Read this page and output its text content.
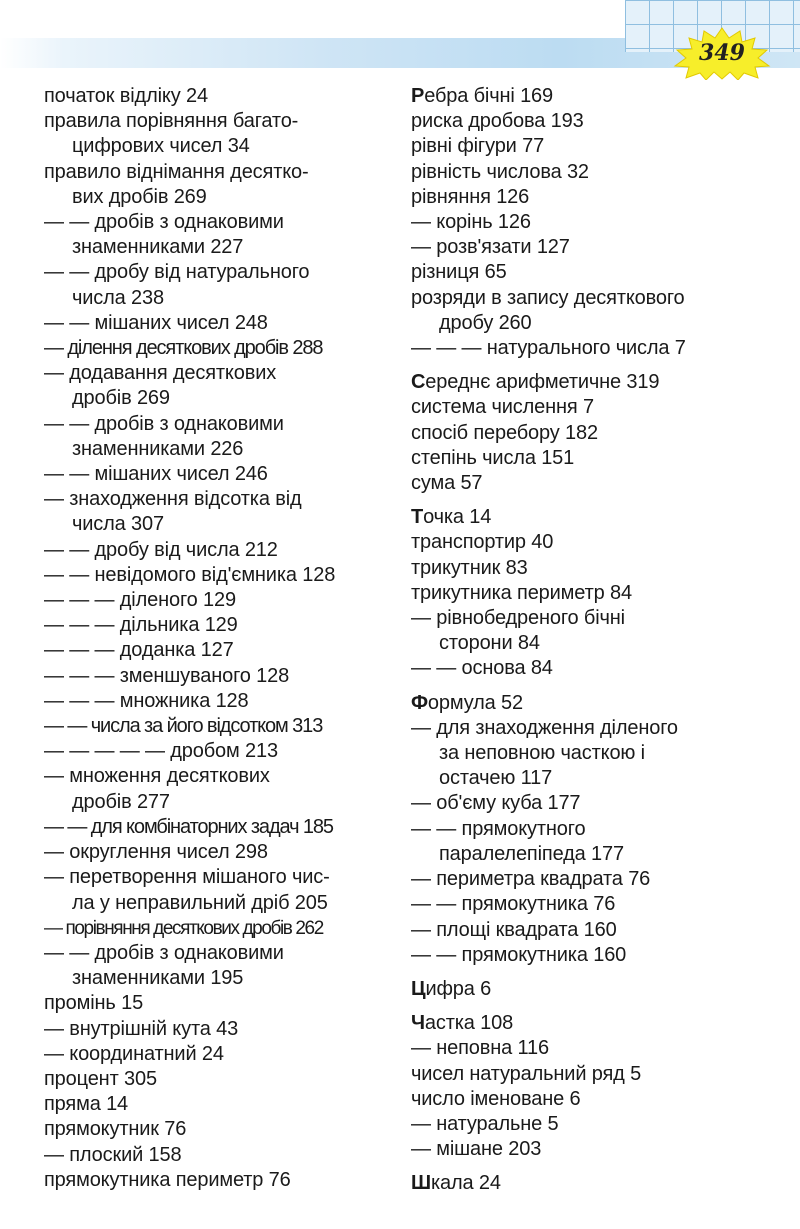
349
початок відліку 24
правила порівняння багато-
цифрових чисел 34
правило віднімання десятко-
вих дробів 269
— — дробів з однаковими
знаменниками 227
— — дробу від натурального
числа 238
— — мішаних чисел 248
— ділення десяткових дробів 288
— додавання десяткових
дробів 269
— — дробів з однаковими
знаменниками 226
— — мішаних чисел 246
— знаходження відсотка від
числа 307
— — дробу від числа 212
— — невідомого від'ємника 128
— — — діленого 129
— — — дільника 129
— — — доданка 127
— — — зменшуваного 128
— — — множника 128
— — числа за його відсотком 313
— — — — — дробом 213
— множення десяткових
дробів 277
— — для комбінаторних задач 185
— округлення чисел 298
— перетворення мішаного чис-
ла у неправильний дріб 205
— порівняння десяткових дробів 262
— — дробів з однаковими
знаменниками 195
промінь 15
— внутрішній кута 43
— координатний 24
процент 305
пряма 14
прямокутник 76
— плоский 158
прямокутника периметр 76
Ребра бічні 169
риска дробова 193
рівні фігури 77
рівність числова 32
рівняння 126
— корінь 126
— розв'язати 127
різниця 65
розряди в запису десяткового
дробу 260
— — — натурального числа 7
Середнє арифметичне 319
система числення 7
спосіб перебору 182
степінь числа 151
сума 57
Точка 14
транспортир 40
трикутник 83
трикутника периметр 84
— рівнобедреного бічні
сторони 84
— — основа 84
Формула 52
— для знаходження діленого
за неповною часткою і
остачею 117
— об'єму куба 177
— — прямокутного
паралелепіпеда 177
— периметра квадрата 76
— — прямокутника 76
— площі квадрата 160
— — прямокутника 160
Цифра 6
Частка 108
— неповна 116
чисел натуральний ряд 5
число іменоване 6
— натуральне 5
— мішане 203
Шкала 24
